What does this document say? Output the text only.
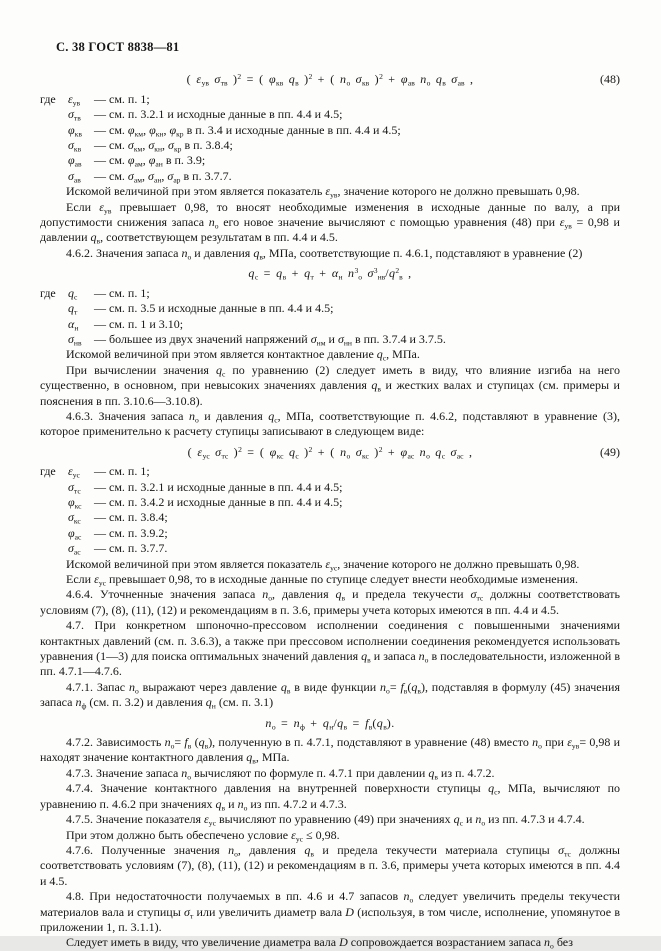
С. 38 ГОСТ 8838—81
( $\varepsilon_{ув}$ $\sigma_{тв}$ )$^2$ = ( $\varphi_{кв}$ $q_в$ )$^2$ + ( $n_о$ $\sigma_{кв}$ )$^2 + \varphi_{ав}$ $n_о$ $q_в$ $\sigma_{ав}$ ,	(48)
где	$\varepsilon_{ув}$	— см. п. 1;
$\sigma_{тв}$	— см. п. 3.2.1 и исходные данные в пп. 4.4 и 4.5;
$\varphi_{кв}$	— см. $\varphi_{км}$, $\varphi_{кн}$, $\varphi_{кр}$ в п. 3.4 и исходные данные в пп. 4.4 и 4.5;
$\sigma_{кв}$	— см. $\sigma_{км}$, $\sigma_{кн}$, $\sigma_{кр}$ в п. 3.8.4;
$\varphi_{ав}$	— см. $\varphi_{ам}$, $\varphi_{ан}$ в п. 3.9;
$\sigma_{ав}$	— см. $\sigma_{ам}$, $\sigma_{ан}$, $\sigma_{ар}$ в п. 3.7.7.

Искомой величиной при этом является показатель $\varepsilon_{ув}$, значение которого не должно превышать 0,98.

Если $\varepsilon_{ув}$ превышает 0,98, то вносят необходимые изменения в исходные данные по валу, а при допустимости снижения запаса $n_о$ его новое значение вычисляют с помощью уравнения (48) при $\varepsilon_{ув} = 0,98$ и давлении $q_в$, соответствующем результатам в пп. 4.4 и 4.5.

4.6.2. Значения запаса $n_о$ и давления $q_в$, МПа, соответствующие п. 4.6.1, подставляют в уравнение (2)

$q_с = q_в + q_т + \alpha_н$ $n^3_о$ $\sigma^3_{нв}/q^2_в$ ,
где	$q_с$	— см. п. 1;
$q_т$	— см. п. 3.5 и исходные данные в пп. 4.4 и 4.5;
$\alpha_н$	— см. п. 1 и 3.10;
$\sigma_{нв}$	— большее из двух значений напряжений $\sigma_{нм}$ и $\sigma_{нн}$ в пп. 3.7.4 и 3.7.5.

Искомой величиной при этом является контактное давление $q_с$, МПа.

При вычислении значения $q_с$ по уравнению (2) следует иметь в виду, что влияние изгиба на него существенно, в основном, при невысоких значениях давления $q_в$ и жестких валах и ступицах (см. примеры и пояснения в пп. 3.10.6—3.10.8).

4.6.3. Значения запаса $n_о$ и давления $q_с$, МПа, соответствующие п. 4.6.2, подставляют в уравнение (3), которое применительно к расчету ступицы записывают в следующем виде:

( $\varepsilon_{ус}$ $\sigma_{тс}$ )$^2$ = ( $\varphi_{кс}$ $q_с$ )$^2$ + ( $n_о$ $\sigma_{кс}$ )$^2 + \varphi_{ас}$ $n_о$ $q_с$ $\sigma_{ас}$ ,	(49)
где	$\varepsilon_{ус}$	— см. п. 1;
$\sigma_{тс}$	— см. п. 3.2.1 и исходные данные в пп. 4.4 и 4.5;
$\varphi_{кс}$	— см. п. 3.4.2 и исходные данные в пп. 4.4 и 4.5;
$\sigma_{кс}$	— см. п. 3.8.4;
$\varphi_{ас}$	— см. п. 3.9.2;
$\sigma_{ас}$	— см. п. 3.7.7.

Искомой величиной при этом является показатель $\varepsilon_{ус}$, значение которого не должно превышать 0,98.

Если $\varepsilon_{ус}$ превышает 0,98, то в исходные данные по ступице следует внести необходимые изменения.

4.6.4. Уточненные значения запаса $n_о$, давления $q_в$ и предела текучести $\sigma_{тс}$ должны соответствовать условиям (7), (8), (11), (12) и рекомендациям в п. 3.6, примеры учета которых имеются в пп. 4.4 и 4.5.

4.7. При конкретном шпоночно-прессовом исполнении соединения с повышенными значениями контактных давлений (см. п. 3.6.3), а также при прессовом исполнении соединения рекомендуется использовать уравнения (1—3) для поиска оптимальных значений давления $q_в$ и запаса $n_о$ в последовательности, изложенной в пп. 4.7.1—4.7.6.

4.7.1. Запас $n_о$ выражают через давление $q_в$ в виде функции $n_о= f_в(q_в)$, подставляя в формулу (45) значения запаса $n_ф$ (см. п. 3.2) и давления $q_н$ (см. п. 3.1)

$n_о = n_ф + q_н/q_в = f_в(q_в)$.

4.7.2. Зависимость $n_о= f_в$ $(q_в)$, полученную в п. 4.7.1, подставляют в уравнение (48) вместо $n_о$ при $\varepsilon_{ув}= 0,98$ и находят значение контактного давления $q_в$, МПа.

4.7.3. Значение запаса $n_о$ вычисляют по формуле п. 4.7.1 при давлении $q_в$ из п. 4.7.2.

4.7.4. Значение контактного давления на внутренней поверхности ступицы $q_с$, МПа, вычисляют по уравнению п. 4.6.2 при значениях $q_в$ и $n_о$ из пп. 4.7.2 и 4.7.3.

4.7.5. Значение показателя $\varepsilon_{ус}$ вычисляют по уравнению (49) при значениях $q_с$ и $n_о$ из пп. 4.7.3 и 4.7.4.

При этом должно быть обеспечено условие $\varepsilon_{ус} \le 0,98$.

4.7.6. Полученные значения $n_о$, давления $q_в$ и предела текучести материала ступицы $\sigma_{тс}$ должны соответствовать условиям (7), (8), (11), (12) и рекомендациям в п. 3.6, примеры учета которых имеются в пп. 4.4 и 4.5.

4.8. При недостаточности получаемых в пп. 4.6 и 4.7 запасов $n_о$ следует увеличить пределы текучести материалов вала и ступицы $\sigma_т$ или увеличить диаметр вала D (используя, в том числе, исполнение, упомянутое в приложении 1, п. 3.1.1).

Следует иметь в виду, что увеличение диаметра вала D сопровождается возрастанием запаса $n_о$ без
